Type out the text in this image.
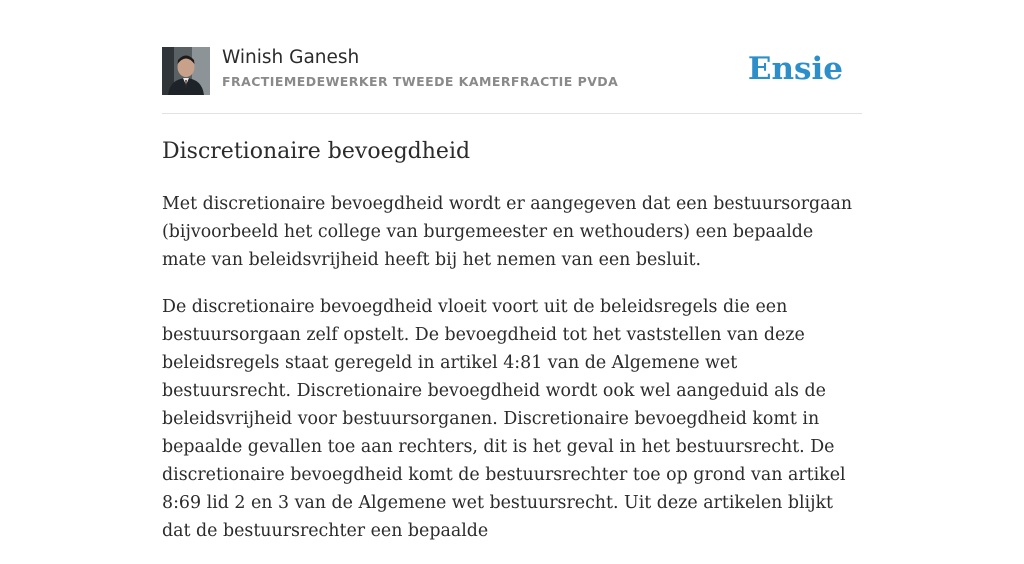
Winish Ganesh
FRACTIEMEDEWERKER TWEEDE KAMERFRACTIE PVDA	Ensie
Discretionaire bevoegdheid

Met discretionaire bevoegdheid wordt er aangegeven dat een bestuursorgaan (bijvoorbeeld het college van burgemeester en wethouders) een bepaalde mate van beleidsvrijheid heeft bij het nemen van een besluit.

De discretionaire bevoegdheid vloeit voort uit de beleidsregels die een bestuursorgaan zelf opstelt. De bevoegdheid tot het vaststellen van deze beleidsregels staat geregeld in artikel 4:81 van de Algemene wet bestuursrecht. Discretionaire bevoegdheid wordt ook wel aangeduid als de beleidsvrijheid voor bestuursorganen. Discretionaire bevoegdheid komt in bepaalde gevallen toe aan rechters, dit is het geval in het bestuursrecht. De discretionaire bevoegdheid komt de bestuursrechter toe op grond van artikel 8:69 lid 2 en 3 van de Algemene wet bestuursrecht. Uit deze artikelen blijkt dat de bestuursrechter een bepaalde
